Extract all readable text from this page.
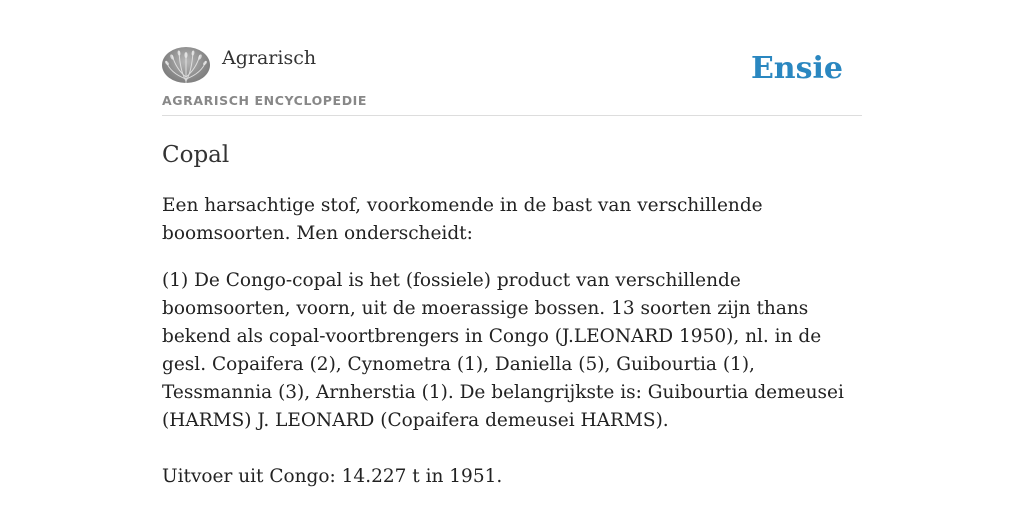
Agrarisch
AGRARISCH ENCYCLOPEDIE
Ensie
Copal

Een harsachtige stof, voorkomende in de bast van verschillende boomsoorten. Men onderscheidt:

(1) De Congo-copal is het (fossiele) product van verschillende boomsoorten, voorn, uit de moerassige bossen. 13 soorten zijn thans bekend als copal-voortbrengers in Congo (J.LEONARD 1950), nl. in de gesl. Copaifera (2), Cynometra (1), Daniella (5), Guibourtia (1), Tessmannia (3), Arnherstia (1). De belangrijkste is: Guibourtia demeusei (HARMS) J. LEONARD (Copaifera demeusei HARMS).

Uitvoer uit Congo: 14.227 t in 1951.
